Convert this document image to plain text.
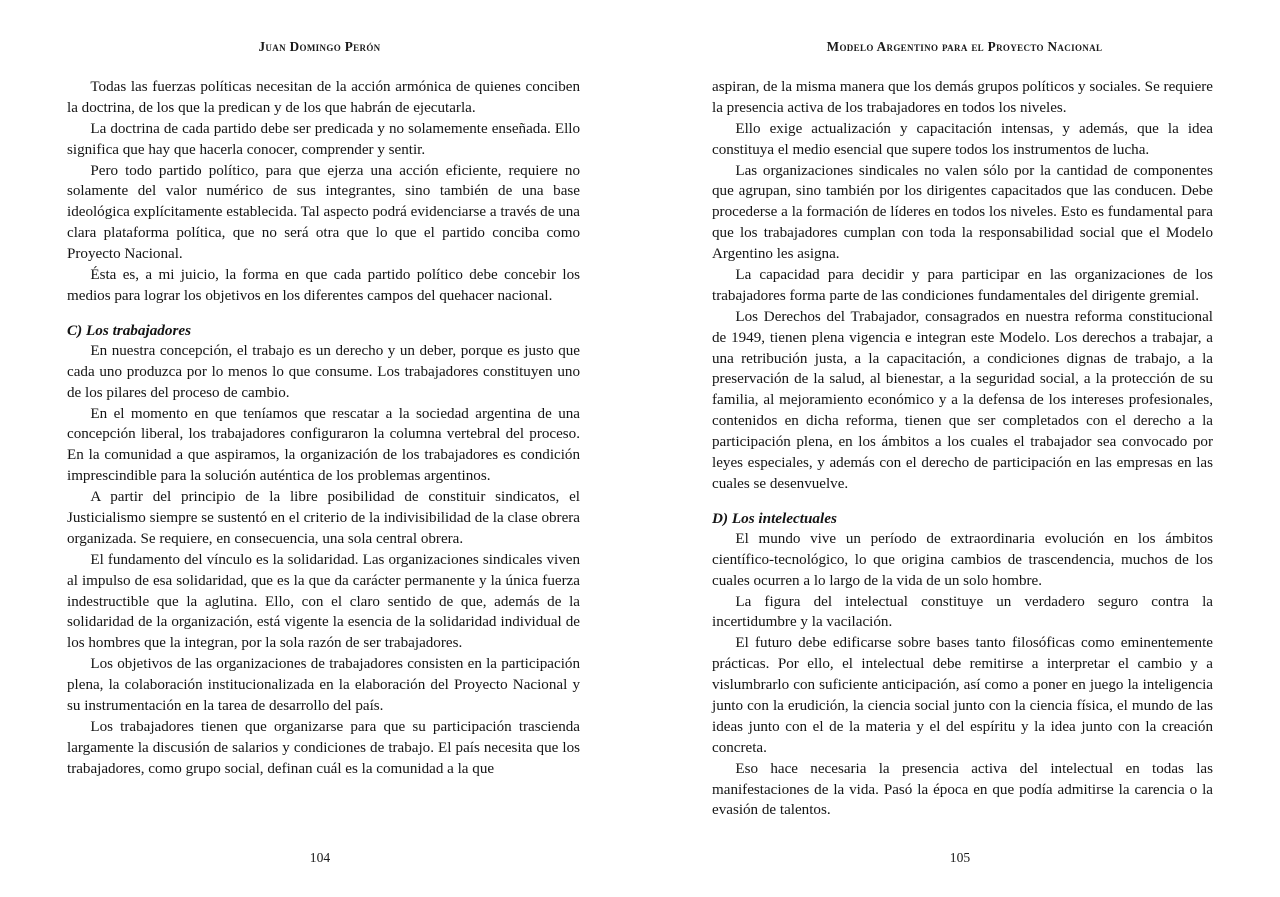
Juan Domingo Perón

Todas las fuerzas políticas necesitan de la acción armónica de quienes conciben la doctrina, de los que la predican y de los que habrán de ejecutarla.

La doctrina de cada partido debe ser predicada y no solamemente enseñada. Ello significa que hay que hacerla conocer, comprender y sentir.

Pero todo partido político, para que ejerza una acción eficiente, requiere no solamente del valor numérico de sus integrantes, sino también de una base ideológica explícitamente establecida. Tal aspecto podrá evidenciarse a través de una clara plataforma política, que no será otra que lo que el partido conciba como Proyecto Nacional.

Ésta es, a mi juicio, la forma en que cada partido político debe concebir los medios para lograr los objetivos en los diferentes campos del quehacer nacional.

C) Los trabajadores

En nuestra concepción, el trabajo es un derecho y un deber, porque es justo que cada uno produzca por lo menos lo que consume. Los trabajadores constituyen uno de los pilares del proceso de cambio.

En el momento en que teníamos que rescatar a la sociedad argentina de una concepción liberal, los trabajadores configuraron la columna vertebral del proceso. En la comunidad a que aspiramos, la organización de los trabajadores es condición imprescindible para la solución auténtica de los problemas argentinos.

A partir del principio de la libre posibilidad de constituir sindicatos, el Justicialismo siempre se sustentó en el criterio de la indivisibilidad de la clase obrera organizada. Se requiere, en consecuencia, una sola central obrera.

El fundamento del vínculo es la solidaridad. Las organizaciones sindicales viven al impulso de esa solidaridad, que es la que da carácter permanente y la única fuerza indestructible que la aglutina. Ello, con el claro sentido de que, además de la solidaridad de la organización, está vigente la esencia de la solidaridad individual de los hombres que la integran, por la sola razón de ser trabajadores.

Los objetivos de las organizaciones de trabajadores consisten en la participación plena, la colaboración institucionalizada en la elaboración del Proyecto Nacional y su instrumentación en la tarea de desarrollo del país.

Los trabajadores tienen que organizarse para que su participación trascienda largamente la discusión de salarios y condiciones de trabajo. El país necesita que los trabajadores, como grupo social, definan cuál es la comunidad a la que

104
Modelo Argentino para el Proyecto Nacional

aspiran, de la misma manera que los demás grupos políticos y sociales. Se requiere la presencia activa de los trabajadores en todos los niveles.

Ello exige actualización y capacitación intensas, y además, que la idea constituya el medio esencial que supere todos los instrumentos de lucha.

Las organizaciones sindicales no valen sólo por la cantidad de componentes que agrupan, sino también por los dirigentes capacitados que las conducen. Debe procederse a la formación de líderes en todos los niveles. Esto es fundamental para que los trabajadores cumplan con toda la responsabilidad social que el Modelo Argentino les asigna.

La capacidad para decidir y para participar en las organizaciones de los trabajadores forma parte de las condiciones fundamentales del dirigente gremial.

Los Derechos del Trabajador, consagrados en nuestra reforma constitucional de 1949, tienen plena vigencia e integran este Modelo. Los derechos a trabajar, a una retribución justa, a la capacitación, a condiciones dignas de trabajo, a la preservación de la salud, al bienestar, a la seguridad social, a la protección de su familia, al mejoramiento económico y a la defensa de los intereses profesionales, contenidos en dicha reforma, tienen que ser completados con el derecho a la participación plena, en los ámbitos a los cuales el trabajador sea convocado por leyes especiales, y además con el derecho de participación en las empresas en las cuales se desenvuelve.

D) Los intelectuales

El mundo vive un período de extraordinaria evolución en los ámbitos científico-tecnológico, lo que origina cambios de trascendencia, muchos de los cuales ocurren a lo largo de la vida de un solo hombre.

La figura del intelectual constituye un verdadero seguro contra la incertidumbre y la vacilación.

El futuro debe edificarse sobre bases tanto filosóficas como eminentemente prácticas. Por ello, el intelectual debe remitirse a interpretar el cambio y a vislumbrarlo con suficiente anticipación, así como a poner en juego la inteligencia junto con la erudición, la ciencia social junto con la ciencia física, el mundo de las ideas junto con el de la materia y el del espíritu y la idea junto con la creación concreta.

Eso hace necesaria la presencia activa del intelectual en todas las manifestaciones de la vida. Pasó la época en que podía admitirse la carencia o la evasión de talentos.

105
